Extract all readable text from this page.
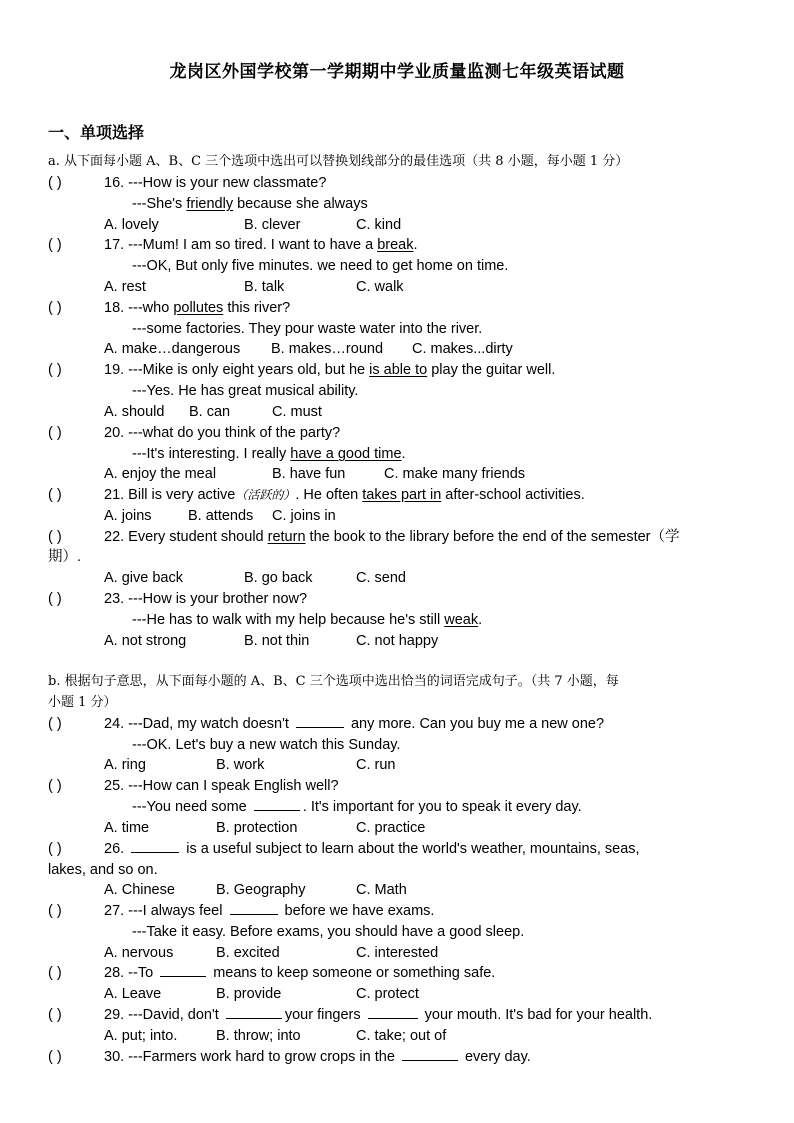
龙岗区外国学校第一学期期中学业质量监测七年级英语试题
一、单项选择
a. 从下面每小题 A、B、C 三个选项中选出可以替换划线部分的最佳选项（共 8 小题，每小题 1 分）
( )	16. ---How is your new classmate?
---She's friendly because she always
A. lovely	B. clever	C. kind
( )	17. ---Mum! I am so tired. I want to have a break.
---OK, But only five minutes. we need to get home on time.
A. rest	B. talk	C. walk
( )	18. ---who pollutes this river?
---some factories. They pour waste water into the river.
A. make…dangerous B. makes…round C. makes...dirty
( )	19. ---Mike is only eight years old, but he is able to play the guitar well.
---Yes. He has great musical ability.
A. should B. can	C. must
( )	20. ---what do you think of the party?
---It's interesting. I really have a good time.
A. enjoy the meal	B. have fun	C. make many friends
( )	21. Bill is very active（活跃的）. He often takes part in after-school activities.
A. joins	B. attends C. joins in
( )	22. Every student should return the book to the library before the end of the semester（学
期）.
A. give back	B. go back	C. send
( )	23. ---How is your brother now?
---He has to walk with my help because he's still weak.
A. not strong	B. not thin	C. not happy
b. 根据句子意思，从下面每小题的 A、B、C 三个选项中选出恰当的词语完成句子。（共 7 小题，每
小题 1 分）
( )	24. ---Dad, my watch doesn't	any more. Can you buy me a new one?
---OK. Let's buy a new watch this Sunday.
A. ring	B. work	C. run
( )	25. ---How can I speak English well?
---You need some	. It's important for you to speak it every day.
A. time	B. protection	C. practice
( )	26.	is a useful subject to learn about the world's weather, mountains, seas,
lakes, and so on.
A. Chinese	B. Geography	C. Math
( )	27. ---I always feel	before we have exams.
---Take it easy. Before exams, you should have a good sleep.
A. nervous	B. excited	C. interested
( )	28. --To	means to keep someone or something safe.
A. Leave	B. provide	C. protect
( )	29. ---David, don't	your fingers	your mouth. It's bad for your health.
A. put; into.	B. throw; into	C. take; out of
( )	30. ---Farmers work hard to grow crops in the	every day.
